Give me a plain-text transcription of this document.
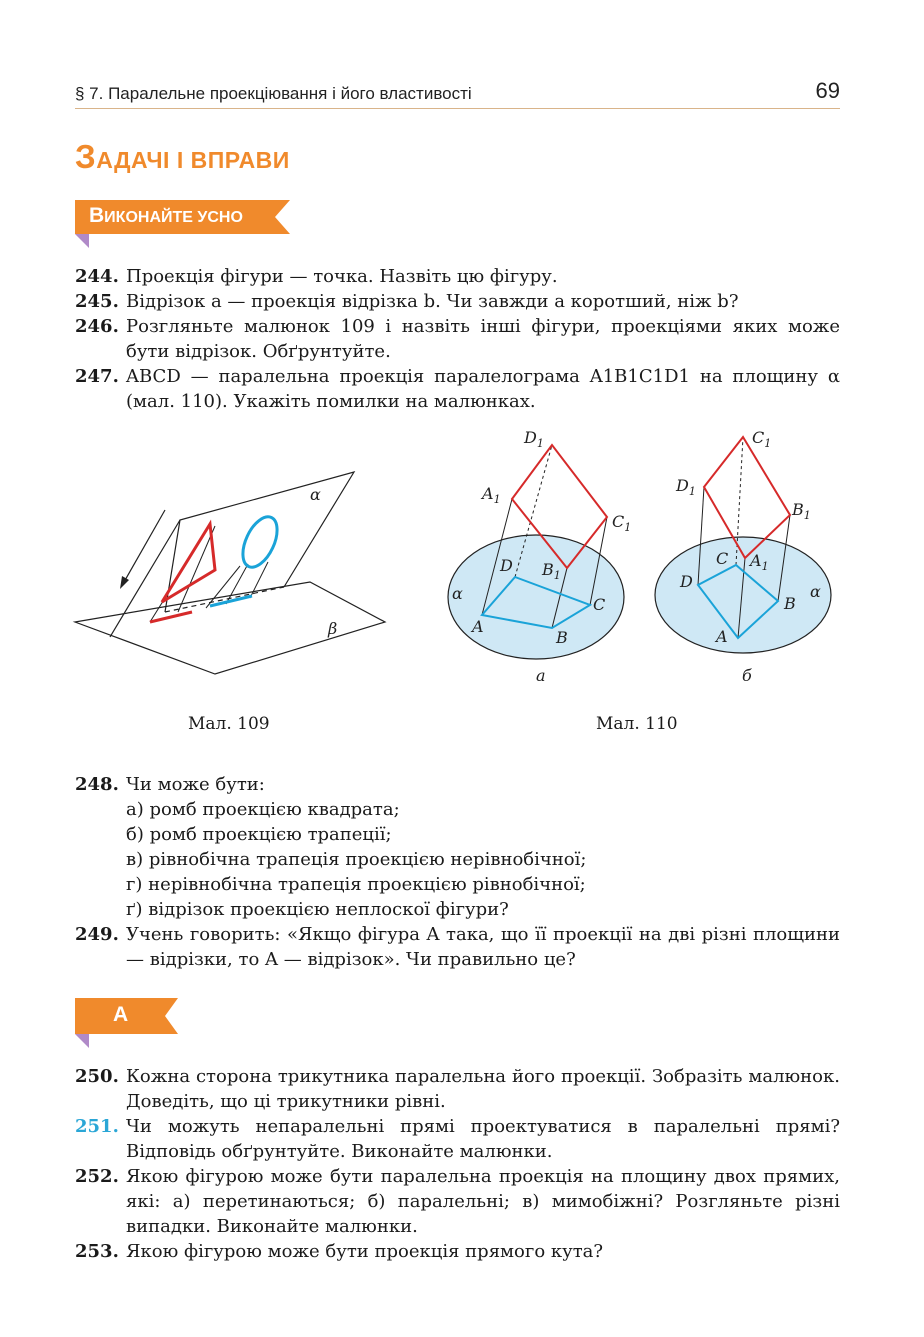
§ 7. Паралельне проекціювання і його властивості	69
ЗАДАЧІ І ВПРАВИ
ВИКОНАЙТЕ УСНО
244. Проекція фігури — точка. Назвіть цю фігуру.
245. Відрізок a — проекція відрізка b. Чи завжди a коротший, ніж b?
246. Розгляньте малюнок 109 і назвіть інші фігури, проекціями яких може бути відрізок. Обґрунтуйте.
247. ABCD — паралельна проекція паралелограма A1B1C1D1 на площину α (мал. 110). Укажіть помилки на малюнках.
α
β
$D_1$
$A_1$
$C_1$
$B_1$
D
A
B
C
α
а
$C_1$
$D_1$
$B_1$
$A_1$
C
D
B
A
α
б
Мал. 109	Мал. 110
248. Чи може бути:
а) ромб проекцією квадрата;
б) ромб проекцією трапеції;
в) рівнобічна трапеція проекцією нерівнобічної;
г) нерівнобічна трапеція проекцією рівнобічної;
ґ) відрізок проекцією неплоскої фігури?
249. Учень говорить: «Якщо фігура A така, що її проекції на дві різні площини — відрізки, то A — відрізок». Чи правильно це?
А
250. Кожна сторона трикутника паралельна його проекції. Зобразіть малюнок. Доведіть, що ці трикутники рівні.
251. Чи можуть непаралельні прямі проектуватися в паралельні прямі? Відповідь обґрунтуйте. Виконайте малюнки.
252. Якою фігурою може бути паралельна проекція на площину двох прямих, які: а) перетинаються; б) паралельні; в) мимобіжні? Розгляньте різні випадки. Виконайте малюнки.
253. Якою фігурою може бути проекція прямого кута?
